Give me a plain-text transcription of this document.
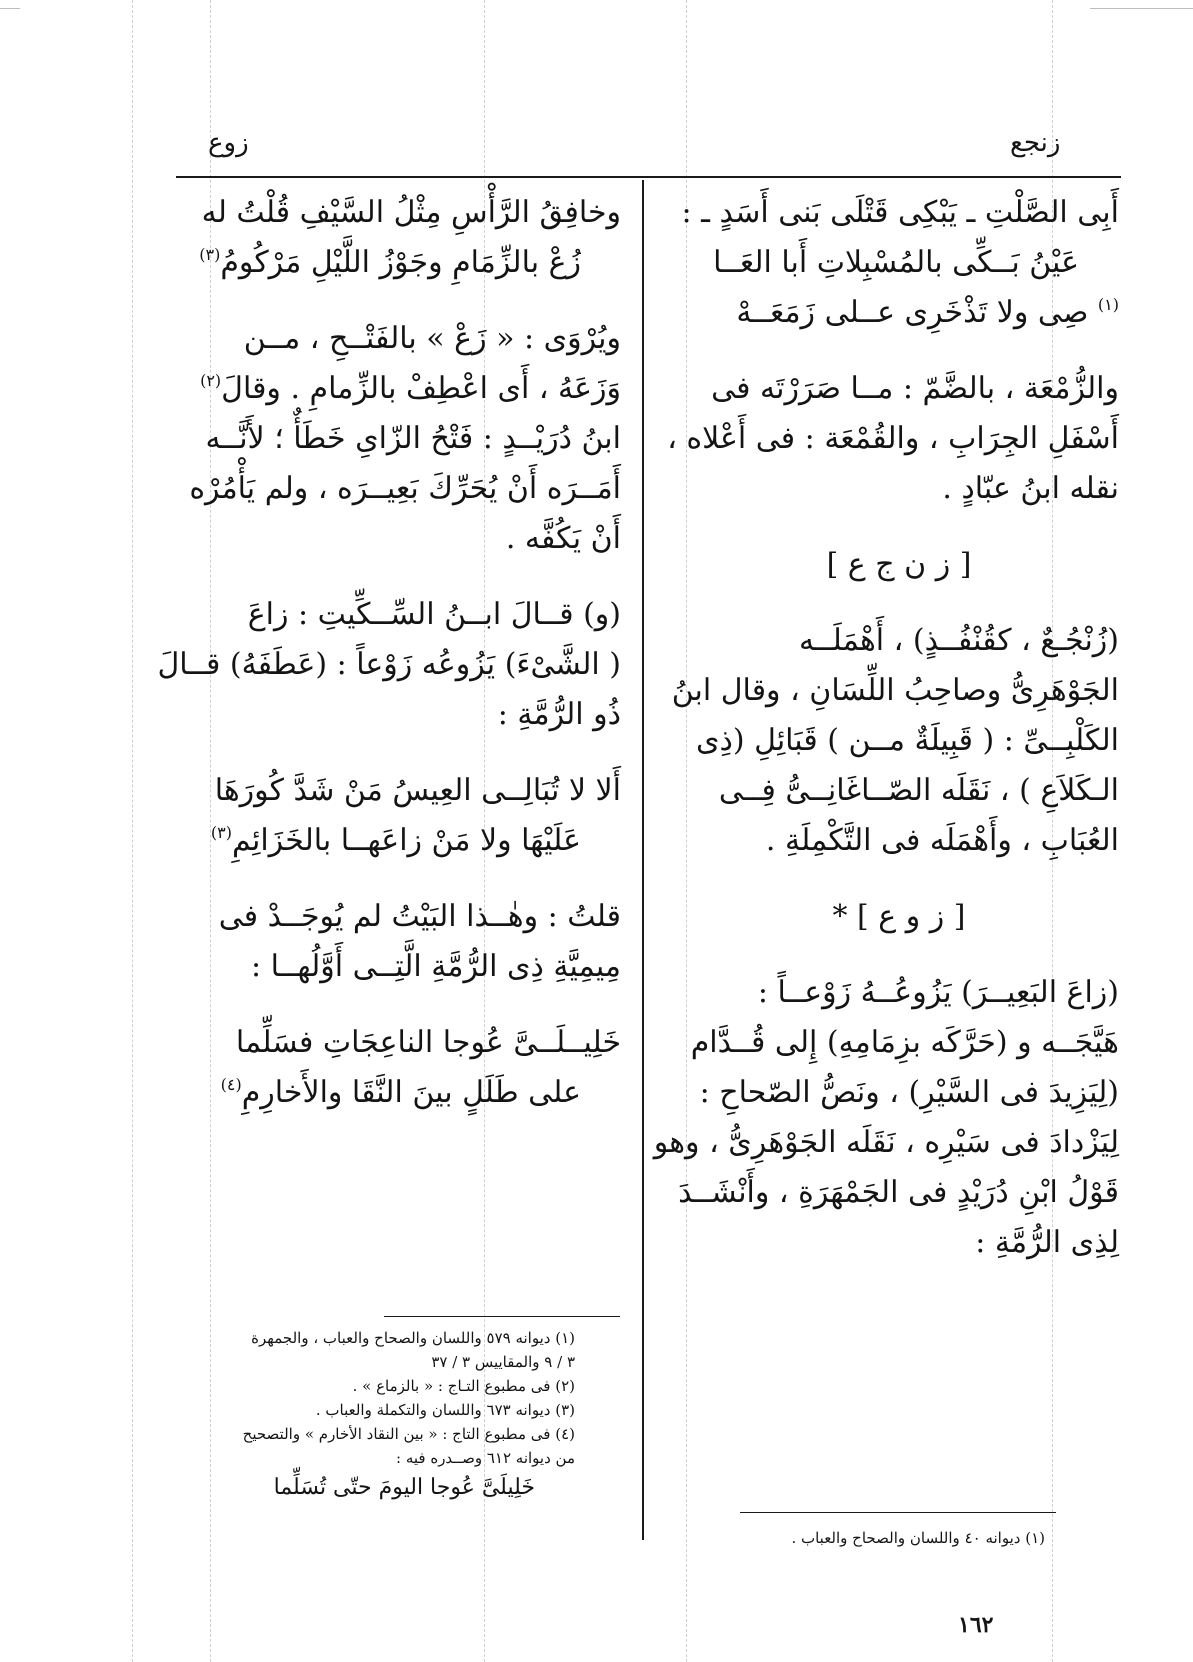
زوع	زنجع
أَبِى الصَّلْتِ ـ يَبْكِى قَتْلَى بَنى أَسَدٍ ـ :
عَيْنُ بَــكِّى بالمُسْبِلاتِ أَبا العَــا
$^{(١)}$ صِى ولا تَذْخَرِى عــلى زَمَعَــهْ
والزُّمْعَة ، بالضَّمّ : مــا صَرَرْتَه فى
أَسْفَلِ الجِرَابِ ، والقُمْعَة : فى أَعْلاه ،
نقله ابنُ عبّادٍ .
[ ز ن ج ع ]
(زُنْجُـعٌ ، كقُنْفُــذٍ) ، أَهْمَلَــه
الجَوْهَرِىُّ وصاحِبُ اللِّسَانِ ، وقال ابنُ
الكَلْبِــىِّ : ( قَبِيلَةٌ مــن ) قَبَائِلِ (ذِى
الـكَلاَعِ ) ، نَقَلَه الصّــاغَانِــىُّ فِــى
العُبَابِ ، وأَهْمَلَه فى التَّكْمِلَةِ .
[ ز و ع ] *
(زاعَ البَعِيــرَ) يَزُوعُــهُ زَوْعــاً :
هَيَّجَــه و (حَرَّكَه بزِمَامِهِ) إِلى قُــدَّام
(لِيَزِيدَ فى السَّيْرِ) ، ونَصُّ الصّحاحِ :
لِيَزْدادَ فى سَيْرِه ، نَقَلَه الجَوْهَرِىُّ ، وهو
قَوْلُ ابْنِ دُرَيْدٍ فى الجَمْهَرَةِ ، وأَنْشَــدَ
لِذِى الرُّمَّةِ :
(١) ديوانه ٤٠ واللسان والصحاح والعباب .
وخافِقُ الرَّأْسِ مِثْلُ السَّيْفِ قُلْتُ له
زُعْ بالزِّمَامِ وجَوْزُ اللَّيْلِ مَرْكُومُ$^{(٣)}$
ويُرْوَى : « زَعْ » بالفَتْــحِ ، مــن
وَزَعَهُ ، أَى اعْطِفْ بالزِّمامِ . وقالَ$^{(٢)}$
ابنُ دُرَيْــدٍ : فَتْحُ الزّاىِ خَطَأٌ ؛ لأَنَّــه
أَمَــرَه أَنْ يُحَرِّكَ بَعِيــرَه ، ولم يَأْمُرْه
أَنْ يَكُفَّه .
(و) قــالَ ابــنُ السِّــكِّيتِ : زاعَ
( الشَّىْءَ) يَزُوعُه زَوْعاً : (عَطَفَهُ) قــالَ
ذُو الرُّمَّةِ :
أَلا لا تُبَالِــى العِيسُ مَنْ شَدَّ كُورَهَا
عَلَيْهَا ولا مَنْ زاعَهــا بالخَزَائِمِ$^{(٣)}$
قلتُ : وهٰــذا البَيْتُ لم يُوجَــدْ فى
مِيمِيَّةِ ذِى الرُّمَّةِ الَّتِــى أَوَّلُهــا :
خَلِيــلَــىَّ عُوجا الناعِجَاتِ فسَلِّما
على طَلَلٍ بينَ النَّقَا والأَخارِمِ$^{(٤)}$
(١) ديوانه ٥٧٩ واللسان والصحاح والعباب ، والجمهرة
٣ / ٩ والمقاييس ٣ / ٣٧
(٢) فى مطبوع التـاج : « بالزماع » .
(٣) ديوانه ٦٧٣ واللسان والتكملة والعباب .
(٤) فى مطبوع التاج : « بين النقاد الأخارم » والتصحيح
من ديوانه ٦١٢ وصــدره فيه :
خَلِيلَىَّ عُوجا اليومَ حتّى تُسَلِّما
١٦٢
